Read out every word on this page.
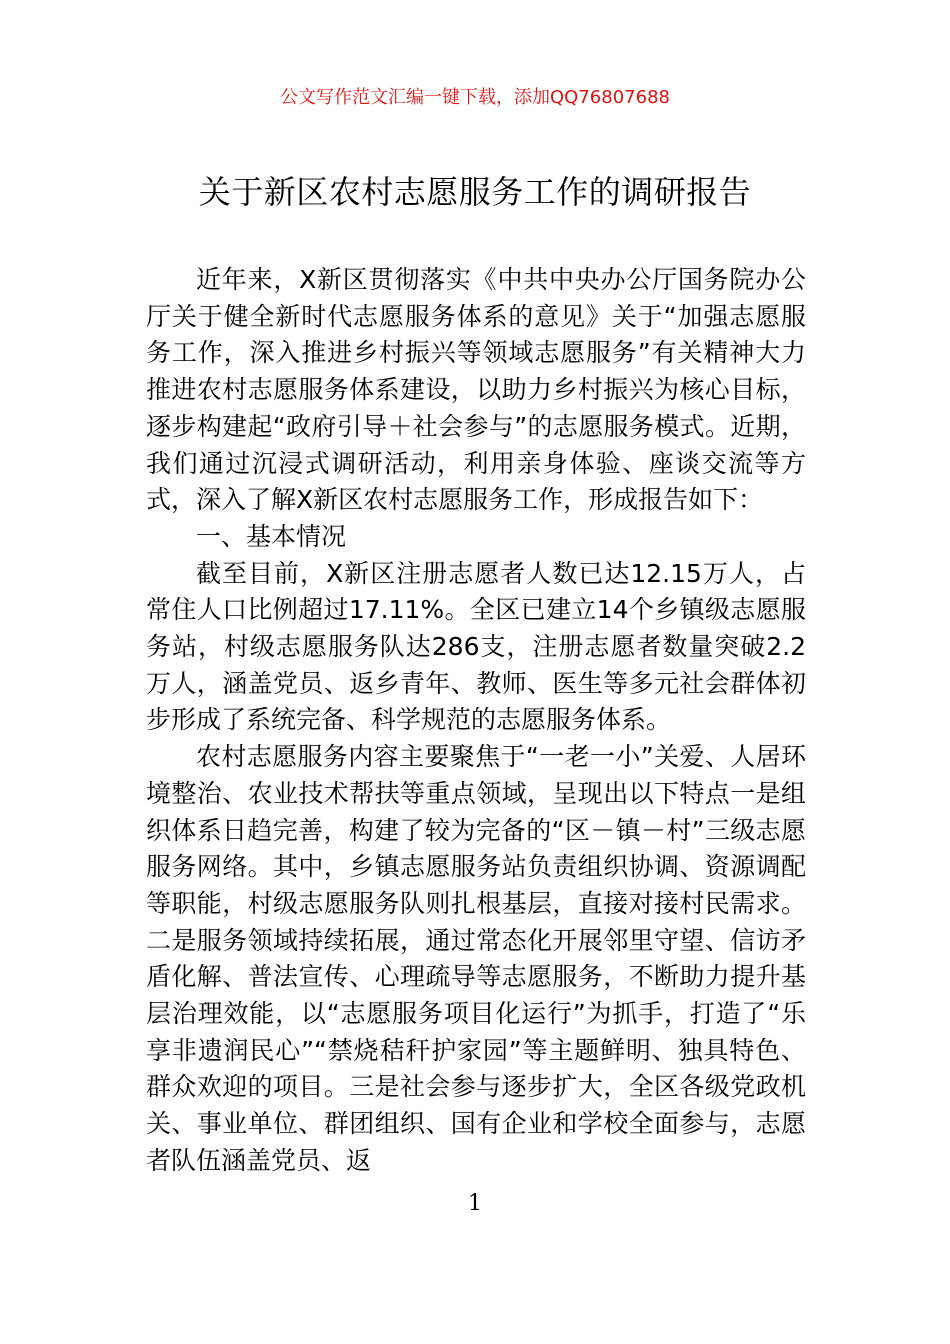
公文写作范文汇编一键下载，添加QQ76807688
关于新区农村志愿服务工作的调研报告

近年来，X新区贯彻落实《中共中央办公厅国务院办公厅关于健全新时代志愿服务体系的意见》关于“加强志愿服务工作，深入推进乡村振兴等领域志愿服务”有关精神大力推进农村志愿服务体系建设，以助力乡村振兴为核心目标，逐步构建起“政府引导＋社会参与”的志愿服务模式。近期，我们通过沉浸式调研活动，利用亲身体验、座谈交流等方式，深入了解X新区农村志愿服务工作，形成报告如下：

一、基本情况

截至目前，X新区注册志愿者人数已达12.15万人，占常住人口比例超过17.11%。全区已建立14个乡镇级志愿服务站，村级志愿服务队达286支，注册志愿者数量突破2.2万人，涵盖党员、返乡青年、教师、医生等多元社会群体初步形成了系统完备、科学规范的志愿服务体系。

农村志愿服务内容主要聚焦于“一老一小”关爱、人居环境整治、农业技术帮扶等重点领域，呈现出以下特点一是组织体系日趋完善，构建了较为完备的“区－镇－村”三级志愿服务网络。其中，乡镇志愿服务站负责组织协调、资源调配等职能，村级志愿服务队则扎根基层，直接对接村民需求。二是服务领域持续拓展，通过常态化开展邻里守望、信访矛盾化解、普法宣传、心理疏导等志愿服务，不断助力提升基层治理效能，以“志愿服务项目化运行”为抓手，打造了“乐享非遗润民心”“禁烧秸秆护家园”等主题鲜明、独具特色、群众欢迎的项目。三是社会参与逐步扩大，全区各级党政机关、事业单位、群团组织、国有企业和学校全面参与，志愿者队伍涵盖党员、返

1
